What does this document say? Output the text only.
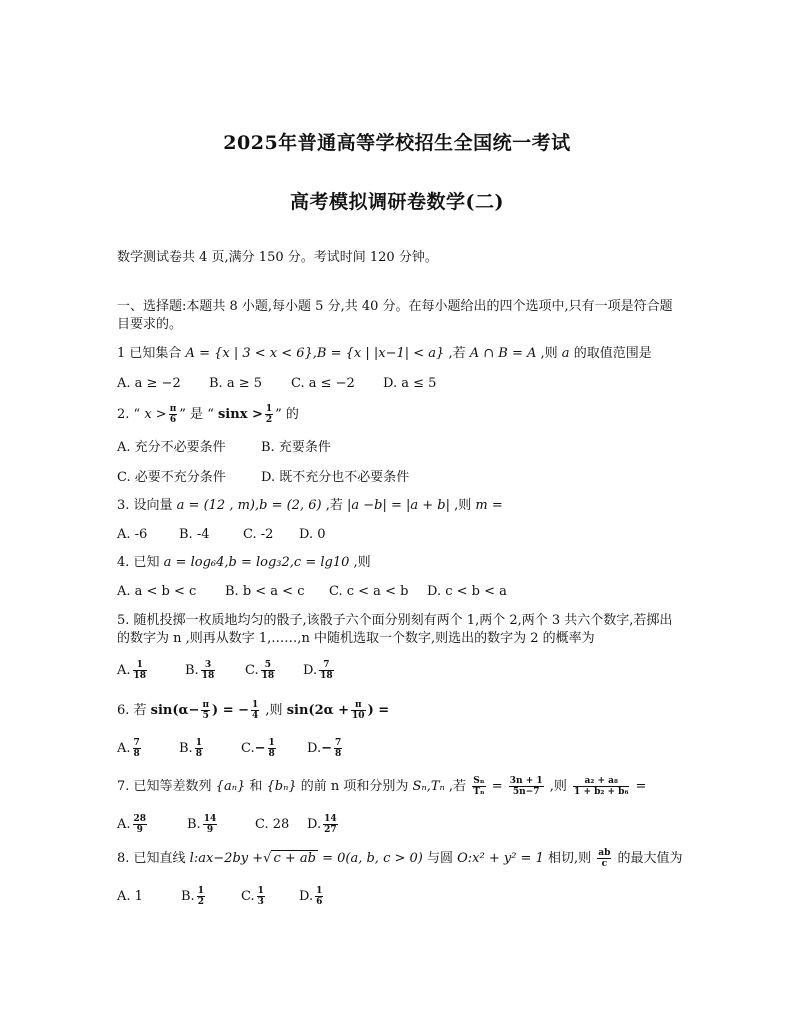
2025年普通高等学校招生全国统一考试
高考模拟调研卷数学(二)
数学测试卷共 4 页,满分 150 分。考试时间 120 分钟。
一、选择题:本题共 8 小题,每小题 5 分,共 40 分。在每小题给出的四个选项中,只有一项是符合题目要求的。
1 已知集合 A = {x | 3 < x < 6},B = {x | |x−1| < a} ,若 A ∩ B = A ,则 a 的取值范围是
A. a ≥ −2 B. a ≥ 5 C. a ≤ −2 D. a ≤ 5
2. “ $x > \frac{\pi}{6}$ ” 是 “ $\sin x > \frac{1}{2}$ ” 的
A. 充分不必要条件	B. 充要条件
C. 必要不充分条件	D. 既不充分也不必要条件
3. 设向量 a = (12 , m),b = (2, 6) ,若 |a −b| = |a + b| ,则 m =
A. -6 B. -4	C. -2 D. 0
4. 已知 a = log₆4,b = log₃2,c = lg10 ,则
A. a < b < c B. b < a < c C. c < a < b D. c < b < a
5. 随机投掷一枚质地均匀的骰子,该骰子六个面分别刻有两个 1,两个 2,两个 3 共六个数字,若掷出的数字为 n ,则再从数字 1,……,n 中随机选取一个数字,则选出的数字为 2 的概率为
A. $\frac{1}{18}$	B. $\frac{3}{18} C$. $\frac{5}{18} D$. $\frac{7}{18}$
6. 若 $\sin(\alpha- \frac{\pi}{5}$ ) = − $\frac{1}{4}$ ,则 $\sin(2\alpha + \frac{\pi}{10}$ ) =
A. $\frac{7}{8}$	B. $\frac{1}{8}$	$C.- \frac{1}{8} D.- \frac{7}{8}$
7. 已知等差数列 {aₙ} 和 {bₙ} 的前 n 项和分别为 Sₙ,Tₙ ,若 $\frac{\text{Sₙ}}{\text{Tₙ}} = \frac{3n + 1}{5n-7}$ ,则 $\frac{\text{a₂ + a₈}}{\text{1 + b₂ + b₆}}$ =
A. $\frac{28}{9}$	B. $\frac{14}{9}$	C. 28 D. $\frac{14}{27}$
8. 已知直线 l:ax−2by +√ c + ab = 0(a, b, c > 0) 与圆 O:x² + y² = 1 相切,则 $\frac{ab}{c}$ 的最大值为
A. 1	B. $\frac{1}{2}$	C. $\frac{1}{3}$	D. $\frac{1}{6}$
